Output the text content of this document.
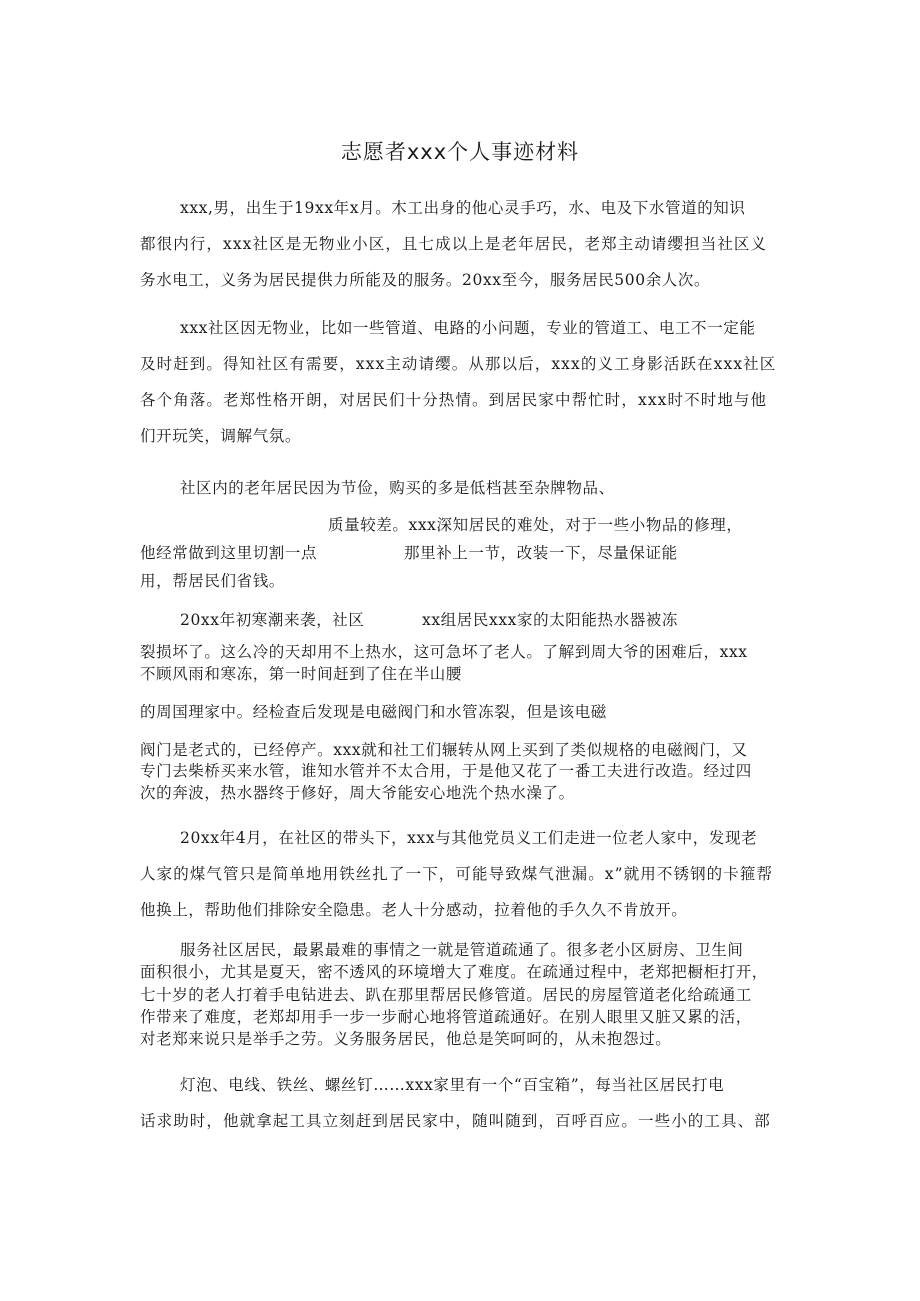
志愿者xxx个人事迹材料
xxx,男，出生于19xx年x月。木工出身的他心灵手巧，水、电及下水管道的知识
都很内行，xxx社区是无物业小区，且七成以上是老年居民，老郑主动请缨担当社区义
务水电工，义务为居民提供力所能及的服务。20xx至今，服务居民500余人次。
xxx社区因无物业，比如一些管道、电路的小问题，专业的管道工、电工不一定能
及时赶到。得知社区有需要，xxx主动请缨。从那以后，xxx的义工身影活跃在xxx社区
各个角落。老郑性格开朗，对居民们十分热情。到居民家中帮忙时，xxx时不时地与他
们开玩笑，调解气氛。
社区内的老年居民因为节俭，购买的多是低档甚至杂牌物品、
质量较差。xxx深知居民的难处，对于一些小物品的修理，
他经常做到这里切割一点	那里补上一节，改装一下，尽量保证能
用，帮居民们省钱。
20xx年初寒潮来袭，社区	xx组居民xxx家的太阳能热水器被冻
裂损坏了。这么冷的天却用不上热水，这可急坏了老人。了解到周大爷的困难后，xxx
不顾风雨和寒冻，第一时间赶到了住在半山腰
的周国理家中。经检查后发现是电磁阀门和水管冻裂，但是该电磁
阀门是老式的，已经停产。xxx就和社工们辗转从网上买到了类似规格的电磁阀门，又
专门去柴桥买来水管，谁知水管并不太合用，于是他又花了一番工夫进行改造。经过四
次的奔波，热水器终于修好，周大爷能安心地洗个热水澡了。
20xx年4月，在社区的带头下，xxx与其他党员义工们走进一位老人家中，发现老
人家的煤气管只是简单地用铁丝扎了一下，可能导致煤气泄漏。x”就用不锈钢的卡箍帮
他换上，帮助他们排除安全隐患。老人十分感动，拉着他的手久久不肯放开。
服务社区居民，最累最难的事情之一就是管道疏通了。很多老小区厨房、卫生间
面积很小，尤其是夏天，密不透风的环境增大了难度。在疏通过程中，老郑把橱柜打开，
七十岁的老人打着手电钻进去、趴在那里帮居民修管道。居民的房屋管道老化给疏通工
作带来了难度，老郑却用手一步一步耐心地将管道疏通好。在别人眼里又脏又累的活，
对老郑来说只是举手之劳。义务服务居民，他总是笑呵呵的，从未抱怨过。
灯泡、电线、铁丝、螺丝钉……xxx家里有一个“百宝箱”，每当社区居民打电
话求助时，他就拿起工具立刻赶到居民家中，随叫随到，百呼百应。一些小的工具、部
